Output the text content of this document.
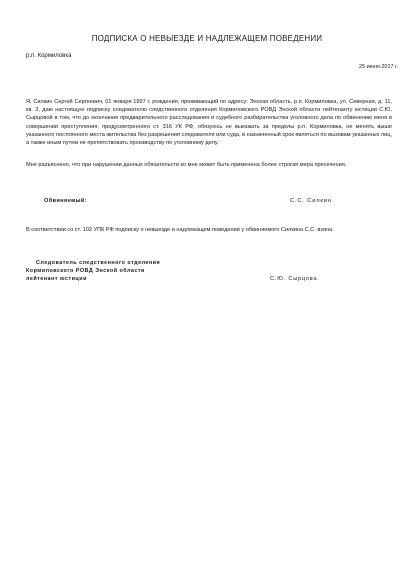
ПОДПИСКА О НЕВЫЕЗДЕ И НАДЛЕЖАЩЕМ ПОВЕДЕНИИ
р.п. Кормиловка
25 июня 2017 г.
Я, Силкин Сергей Сергеевич, 01 января 1997 г. рождения, проживающий по адресу: Энская область, р.п. Кормиловка, ул. Северная, д. 11, кв. 3, даю настоящую подписку следователю следственного отделения Кормиловского РОВД Энской области лейтенанту юстиции С.Ю. Сырцовой в том, что до окончания предварительного расследования и судебного разбирательства уголовного дела по обвинению меня в совершении преступления, предусмотренного ст. 316 УК РФ, обязуюсь не выезжать за пределы р.п. Кормиловка, не менять выше указанного постоянного места жительства без разрешения следователя или суда, в назначенный срок являться по вызовам указанных лиц, а также иным путем не препятствовать производству по уголовному делу.
Мне разъяснено, что при нарушении данных обязательств ко мне может быть применена более строгая мера пресечения.
Обвиняемый:	С.С. Силкин
В соответствии со ст. 102 УПК РФ подписку о невыезде и надлежащем поведении у обвиняемого Силкина С.С. взяла.
Следователь следственного отделения
Кормиловского РОВД Энской области
лейтенант юстиции	С.Ю. Сырцова
